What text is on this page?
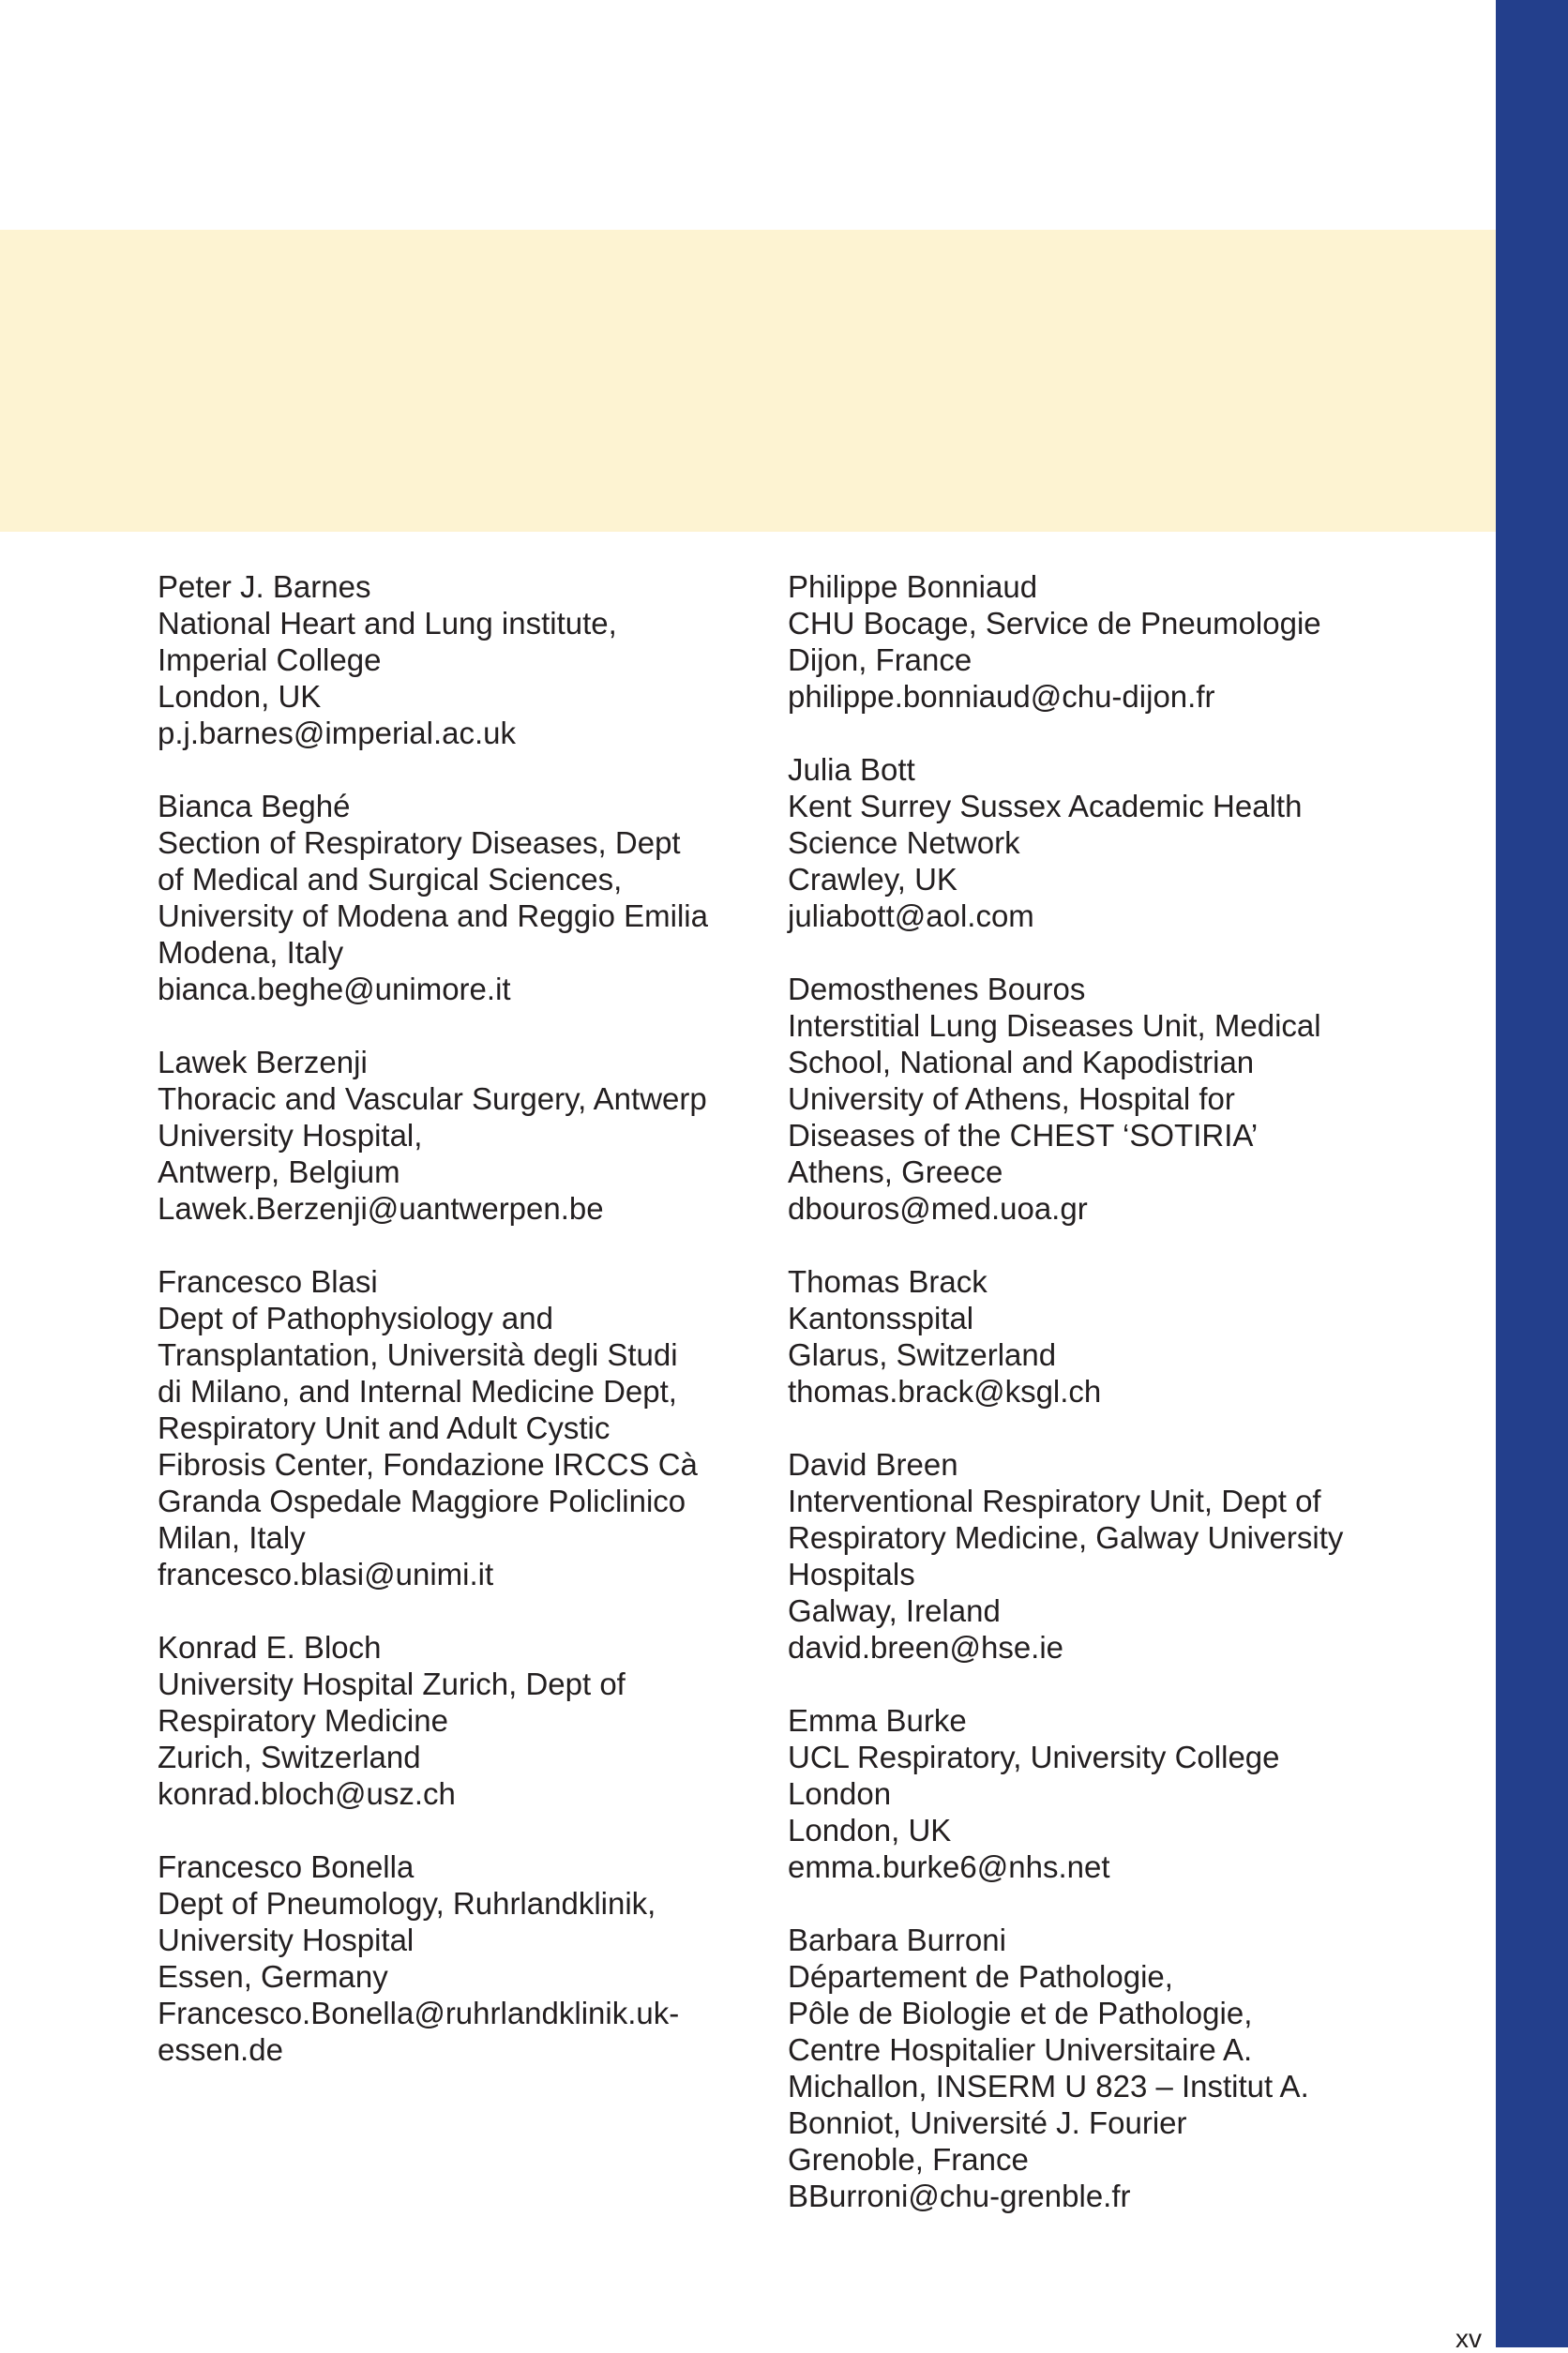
Peter J. Barnes
National Heart and Lung institute,
Imperial College
London, UK
p.j.barnes@imperial.ac.uk
Bianca Beghé
Section of Respiratory Diseases, Dept
of Medical and Surgical Sciences,
University of Modena and Reggio Emilia
Modena, Italy
bianca.beghe@unimore.it
Lawek Berzenji
Thoracic and Vascular Surgery, Antwerp
University Hospital,
Antwerp, Belgium
Lawek.Berzenji@uantwerpen.be
Francesco Blasi
Dept of Pathophysiology and
Transplantation, Università degli Studi
di Milano, and Internal Medicine Dept,
Respiratory Unit and Adult Cystic
Fibrosis Center, Fondazione IRCCS Cà
Granda Ospedale Maggiore Policlinico
Milan, Italy
francesco.blasi@unimi.it
Konrad E. Bloch
University Hospital Zurich, Dept of
Respiratory Medicine
Zurich, Switzerland
konrad.bloch@usz.ch
Francesco Bonella
Dept of Pneumology, Ruhrlandklinik,
University Hospital
Essen, Germany
Francesco.Bonella@ruhrlandklinik.uk-
essen.de
Philippe Bonniaud
CHU Bocage, Service de Pneumologie
Dijon, France
philippe.bonniaud@chu-dijon.fr
Julia Bott
Kent Surrey Sussex Academic Health
Science Network
Crawley, UK
juliabott@aol.com
Demosthenes Bouros
Interstitial Lung Diseases Unit, Medical
School, National and Kapodistrian
University of Athens, Hospital for
Diseases of the CHEST ‘SOTIRIA’
Athens, Greece
dbouros@med.uoa.gr
Thomas Brack
Kantonsspital
Glarus, Switzerland
thomas.brack@ksgl.ch
David Breen
Interventional Respiratory Unit, Dept of
Respiratory Medicine, Galway University
Hospitals
Galway, Ireland
david.breen@hse.ie
Emma Burke
UCL Respiratory, University College
London
London, UK
emma.burke6@nhs.net
Barbara Burroni
Département de Pathologie,
Pôle de Biologie et de Pathologie,
Centre Hospitalier Universitaire A.
Michallon, INSERM U 823 – Institut A.
Bonniot, Université J. Fourier
Grenoble, France
BBurroni@chu-grenble.fr
xv
